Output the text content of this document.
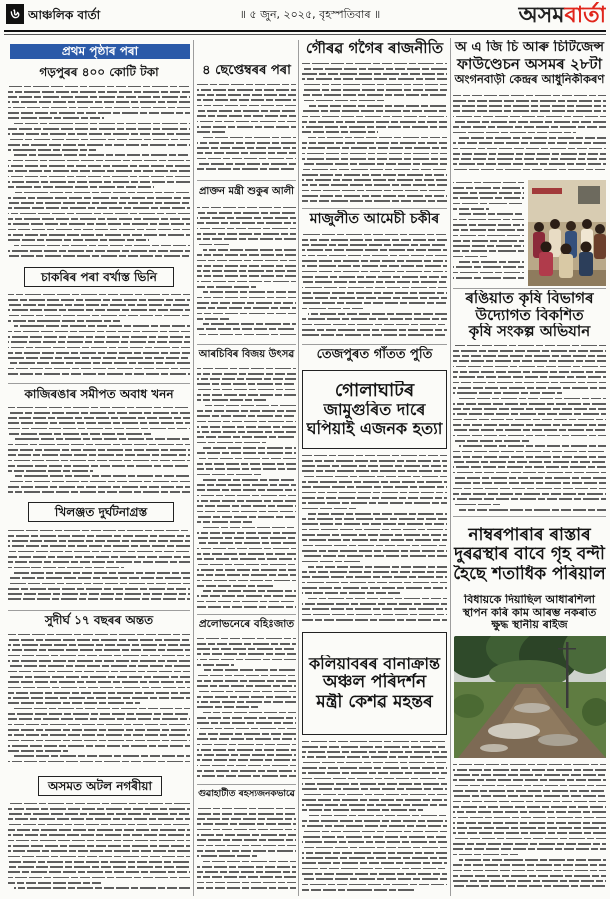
৬ আঞ্চলিক বাৰ্তা	॥ ৫ জুন, ২০২৫, বৃহস্পতিবাৰ ॥	অসমবাৰ্তা
প্ৰথম পৃষ্ঠাৰ পৰা
গড়পুৰৰ ৪০০ কোটি টকা
চাকৰিৰ পৰা বৰ্খাস্ত ভিনি
কাজিৰঙাৰ সমীপত অবাধ খনন
খিলঞ্জত দুৰ্ঘটনাগ্ৰস্ত
সুদীৰ্ঘ ১৭ বছৰৰ অন্তত
অসমত অটল নগৰীয়া
৪ ছেপ্তেম্বৰৰ পৰা
প্ৰাক্তন মন্ত্ৰী শুকুৰ আলী
আৰচিবিৰ বিজয় উৎসৱ
প্ৰলোভনেৰে বহিঃজাত
গুৱাহাটীত ৰহস্যজনকভাৱে
গৌৰৱ গগৈৰ ৰাজনীতি
মাজুলীত আমেচী চকীৰ
তেজপুৰত গাঁতত পুতি
গোলাঘাটৰ
জামুগুৰিত দাৰে
ঘপিয়াই এজনক হত্যা
কলিয়াবৰৰ বানাক্ৰান্ত
অঞ্চল পৰিদৰ্শন
মন্ত্ৰী কেশৱ মহন্তৰ
অ এ জি চি আৰু চিটিজেন্স
ফাউণ্ডেচন অসমৰ ২৮টা
অংগনবাড়ী কেন্দ্ৰৰ আধুনিকীকৰণ
ৰঙিয়াত কৃষি বিভাগৰ
উদ্যোগত বিকশিত
কৃষি সংকল্প অভিযান
নাম্বৰপাৰাৰ ৰাস্তাৰ
দুৰৱস্থাৰ বাবে গৃহ বন্দী
হৈছে শতাধিক পৰিয়াল
বিধায়কে দিয়াছিল আধাৰশিলা
স্থাপন কৰি কাম আৰম্ভ নকৰাত
ক্ষুদ্ধ স্থানীয় ৰাইজ
